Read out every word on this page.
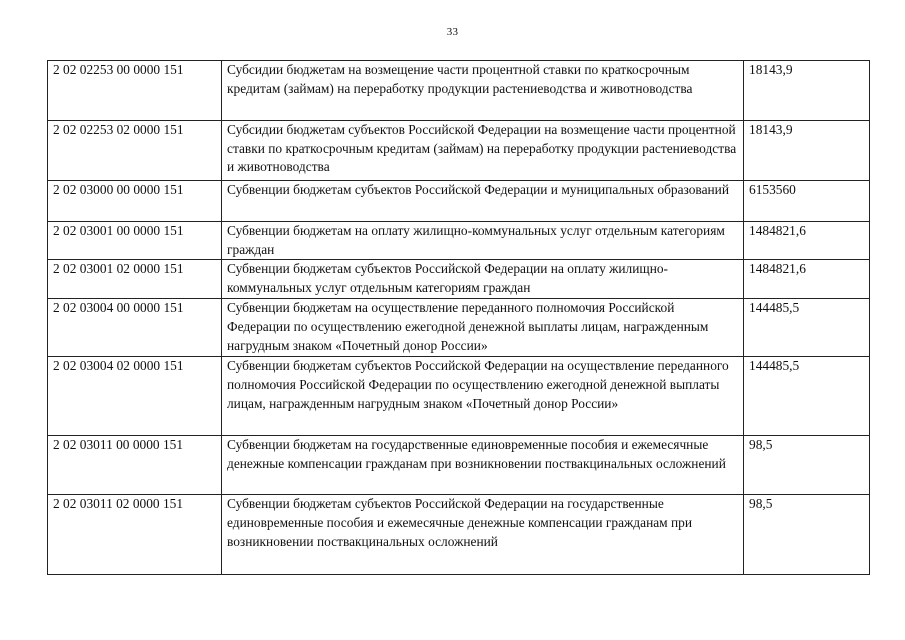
33
2 02 02253 00 0000 151	Субсидии бюджетам на возмещение части процентной ставки по краткосрочным кредитам (займам) на переработку продукции растениеводства и животноводства	18143,9
2 02 02253 02 0000 151	Субсидии бюджетам субъектов Российской Федерации на возмещение части процентной ставки по краткосрочным кредитам (займам) на переработку продукции растениеводства и животноводства	18143,9
2 02 03000 00 0000 151	Субвенции бюджетам субъектов Российской Федерации и муниципальных образований	6153560
2 02 03001 00 0000 151	Субвенции бюджетам на оплату жилищно-коммунальных услуг отдельным категориям граждан	1484821,6
2 02 03001 02 0000 151	Субвенции бюджетам субъектов Российской Федерации на оплату жилищно-коммунальных услуг отдельным категориям граждан	1484821,6
2 02 03004 00 0000 151	Субвенции бюджетам на осуществление переданного полномочия Российской Федерации по осуществлению ежегодной денежной выплаты лицам, награжденным нагрудным знаком «Почетный донор России»	144485,5
2 02 03004 02 0000 151	Субвенции бюджетам субъектов Российской Федерации на осуществление переданного полномочия Российской Федерации по осуществлению ежегодной денежной выплаты лицам, награжденным нагрудным знаком «Почетный донор России»	144485,5
2 02 03011 00 0000 151	Субвенции бюджетам на государственные единовременные пособия и ежемесячные денежные компенсации гражданам при возникновении поствакцинальных осложнений	98,5
2 02 03011 02 0000 151	Субвенции бюджетам субъектов Российской Федерации на государственные единовременные пособия и ежемесячные денежные компенсации гражданам при возникновении поствакцинальных осложнений	98,5
